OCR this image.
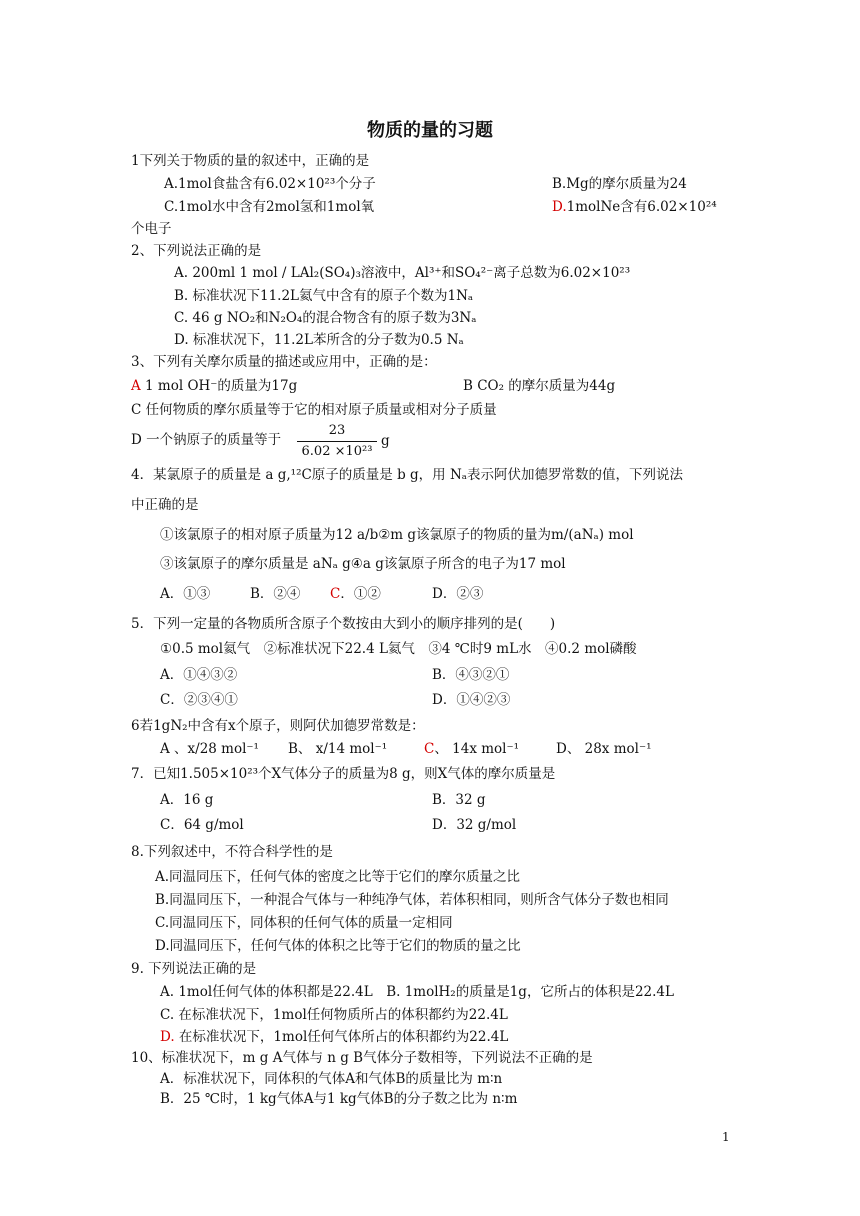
物质的量的习题
1下列关于物质的量的叙述中，正确的是
A.1mol食盐含有6.02×10²³个分子	B.Mg的摩尔质量为24
C.1mol水中含有2mol氢和1mol氧	D.1molNe含有6.02×10²⁴
个电子
2、下列说法正确的是
A. 200ml 1 mol / LAl₂(SO₄)₃溶液中，Al³⁺和SO₄²⁻离子总数为6.02×10²³
B. 标准状况下11.2L氦气中含有的原子个数为1Nₐ
C. 46 g NO₂和N₂O₄的混合物含有的原子数为3Nₐ
D. 标准状况下，11.2L苯所含的分子数为0.5 Nₐ
3、下列有关摩尔质量的描述或应用中，正确的是：
A 1 mol OH⁻的质量为17g	B CO₂ 的摩尔质量为44g
C 任何物质的摩尔质量等于它的相对原子质量或相对分子质量
D 一个钠原子的质量等于
23
6.02 ×10²³
g
4．某氯原子的质量是 a g,¹²C原子的质量是 b g，用 Nₐ表示阿伏加德罗常数的值，下列说法
中正确的是
①该氯原子的相对原子质量为12 a/b②m g该氯原子的物质的量为m/(aNₐ) mol
③该氯原子的摩尔质量是 aNₐ g④a g该氯原子所含的电子为17 mol
A．①③	B．②④ C．①②	D．②③
5．下列一定量的各物质所含原子个数按由大到小的顺序排列的是(　　)
①0.5 mol氦气　②标准状况下22.4 L氦气　③4 ℃时9 mL水　④0.2 mol磷酸
A．①④③②	B．④③②①
C．②③④①	D．①④②③
6若1gN₂中含有x个原子，则阿伏加德罗常数是：
A 、x/28 mol⁻¹ B、 x/14 mol⁻¹	C、 14x mol⁻¹	D、 28x mol⁻¹
7．已知1.505×10²³个X气体分子的质量为8 g，则X气体的摩尔质量是
A．16 g	B．32 g
C．64 g/mol	D．32 g/mol
8.下列叙述中，不符合科学性的是
A.同温同压下，任何气体的密度之比等于它们的摩尔质量之比
B.同温同压下，一种混合气体与一种纯净气体，若体积相同，则所含气体分子数也相同
C.同温同压下，同体积的任何气体的质量一定相同
D.同温同压下，任何气体的体积之比等于它们的物质的量之比
9. 下列说法正确的是
A. 1mol任何气体的体积都是22.4L　B. 1molH₂的质量是1g，它所占的体积是22.4L
C. 在标准状况下，1mol任何物质所占的体积都约为22.4L
D. 在标准状况下，1mol任何气体所占的体积都约为22.4L
10、标准状况下，m g A气体与 n g B气体分子数相等，下列说法不正确的是
A．标准状况下，同体积的气体A和气体B的质量比为 m∶n
B．25 ℃时，1 kg气体A与1 kg气体B的分子数之比为 n∶m
1
